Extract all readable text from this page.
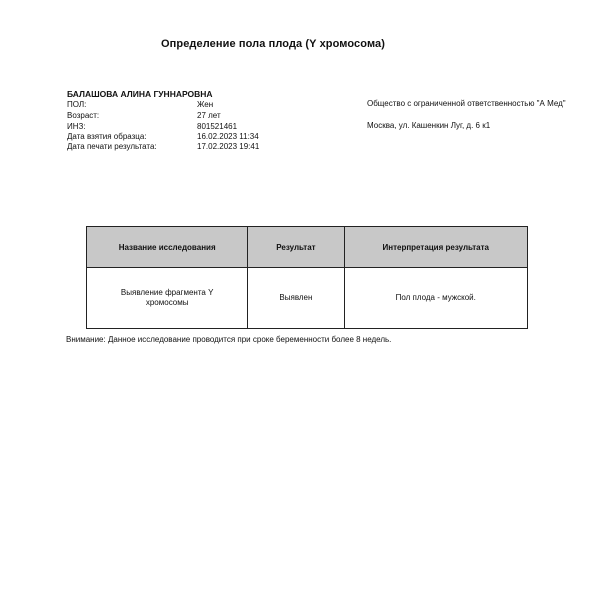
Определение пола плода (Y хромосома)
БАЛАШОВА АЛИНА ГУННАРОВНА
ПОЛ:	Жен
Возраст:	27 лет
ИНЗ:	801521461
Дата взятия образца:	16.02.2023 11:34
Дата печати результата:	17.02.2023 19:41
Общество с ограниченной ответственностью "А Мед"
Москва, ул. Кашенкин Луг, д. 6 к1
Название исследования	Результат	Интерпретация результата
Выявление фрагмента Y хромосомы	Выявлен	Пол плода - мужской.
Внимание: Данное исследование проводится при сроке беременности более 8 недель.
